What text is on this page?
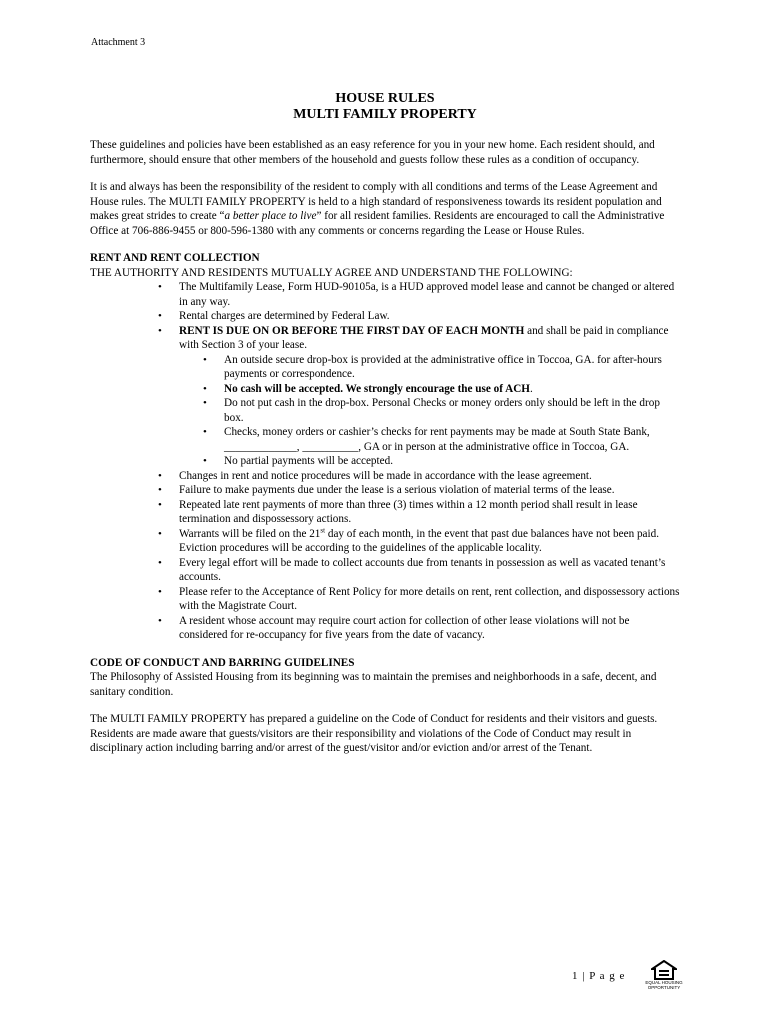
Attachment 3
HOUSE RULES
MULTI FAMILY PROPERTY

These guidelines and policies have been established as an easy reference for you in your new home. Each resident should, and furthermore, should ensure that other members of the household and guests follow these rules as a condition of occupancy.

It is and always has been the responsibility of the resident to comply with all conditions and terms of the Lease Agreement and House rules. The MULTI FAMILY PROPERTY is held to a high standard of responsiveness towards its resident population and makes great strides to create “a better place to live” for all resident families. Residents are encouraged to call the Administrative Office at 706-886-9455 or 800-596-1380 with any comments or concerns regarding the Lease or House Rules.

RENT AND RENT COLLECTION
THE AUTHORITY AND RESIDENTS MUTUALLY AGREE AND UNDERSTAND THE FOLLOWING:
• The Multifamily Lease, Form HUD-90105a, is a HUD approved model lease and cannot be changed or altered in any way.
• Rental charges are determined by Federal Law.
• RENT IS DUE ON OR BEFORE THE FIRST DAY OF EACH MONTH and shall be paid in compliance with Section 3 of your lease.
• An outside secure drop-box is provided at the administrative office in Toccoa, GA. for after-hours payments or correspondence.
• No cash will be accepted. We strongly encourage the use of ACH.
• Do not put cash in the drop-box. Personal Checks or money orders only should be left in the drop box.
• Checks, money orders or cashier’s checks for rent payments may be made at South State Bank, _____________, __________, GA or in person at the administrative office in Toccoa, GA.
• No partial payments will be accepted.
• Changes in rent and notice procedures will be made in accordance with the lease agreement.
• Failure to make payments due under the lease is a serious violation of material terms of the lease.
• Repeated late rent payments of more than three (3) times within a 12 month period shall result in lease termination and dispossessory actions.
• Warrants will be filed on the 21st day of each month, in the event that past due balances have not been paid. Eviction procedures will be according to the guidelines of the applicable locality.
• Every legal effort will be made to collect accounts due from tenants in possession as well as vacated tenant’s accounts.
• Please refer to the Acceptance of Rent Policy for more details on rent, rent collection, and dispossessory actions with the Magistrate Court.
• A resident whose account may require court action for collection of other lease violations will not be considered for re-occupancy for five years from the date of vacancy.
CODE OF CONDUCT AND BARRING GUIDELINES

The Philosophy of Assisted Housing from its beginning was to maintain the premises and neighborhoods in a safe, decent, and sanitary condition.

The MULTI FAMILY PROPERTY has prepared a guideline on the Code of Conduct for residents and their visitors and guests. Residents are made aware that guests/visitors are their responsibility and violations of the Code of Conduct may result in disciplinary action including barring and/or arrest of the guest/visitor and/or eviction and/or arrest of the Tenant.

1 | P a g e
EQUAL HOUSING
OPPORTUNITY
